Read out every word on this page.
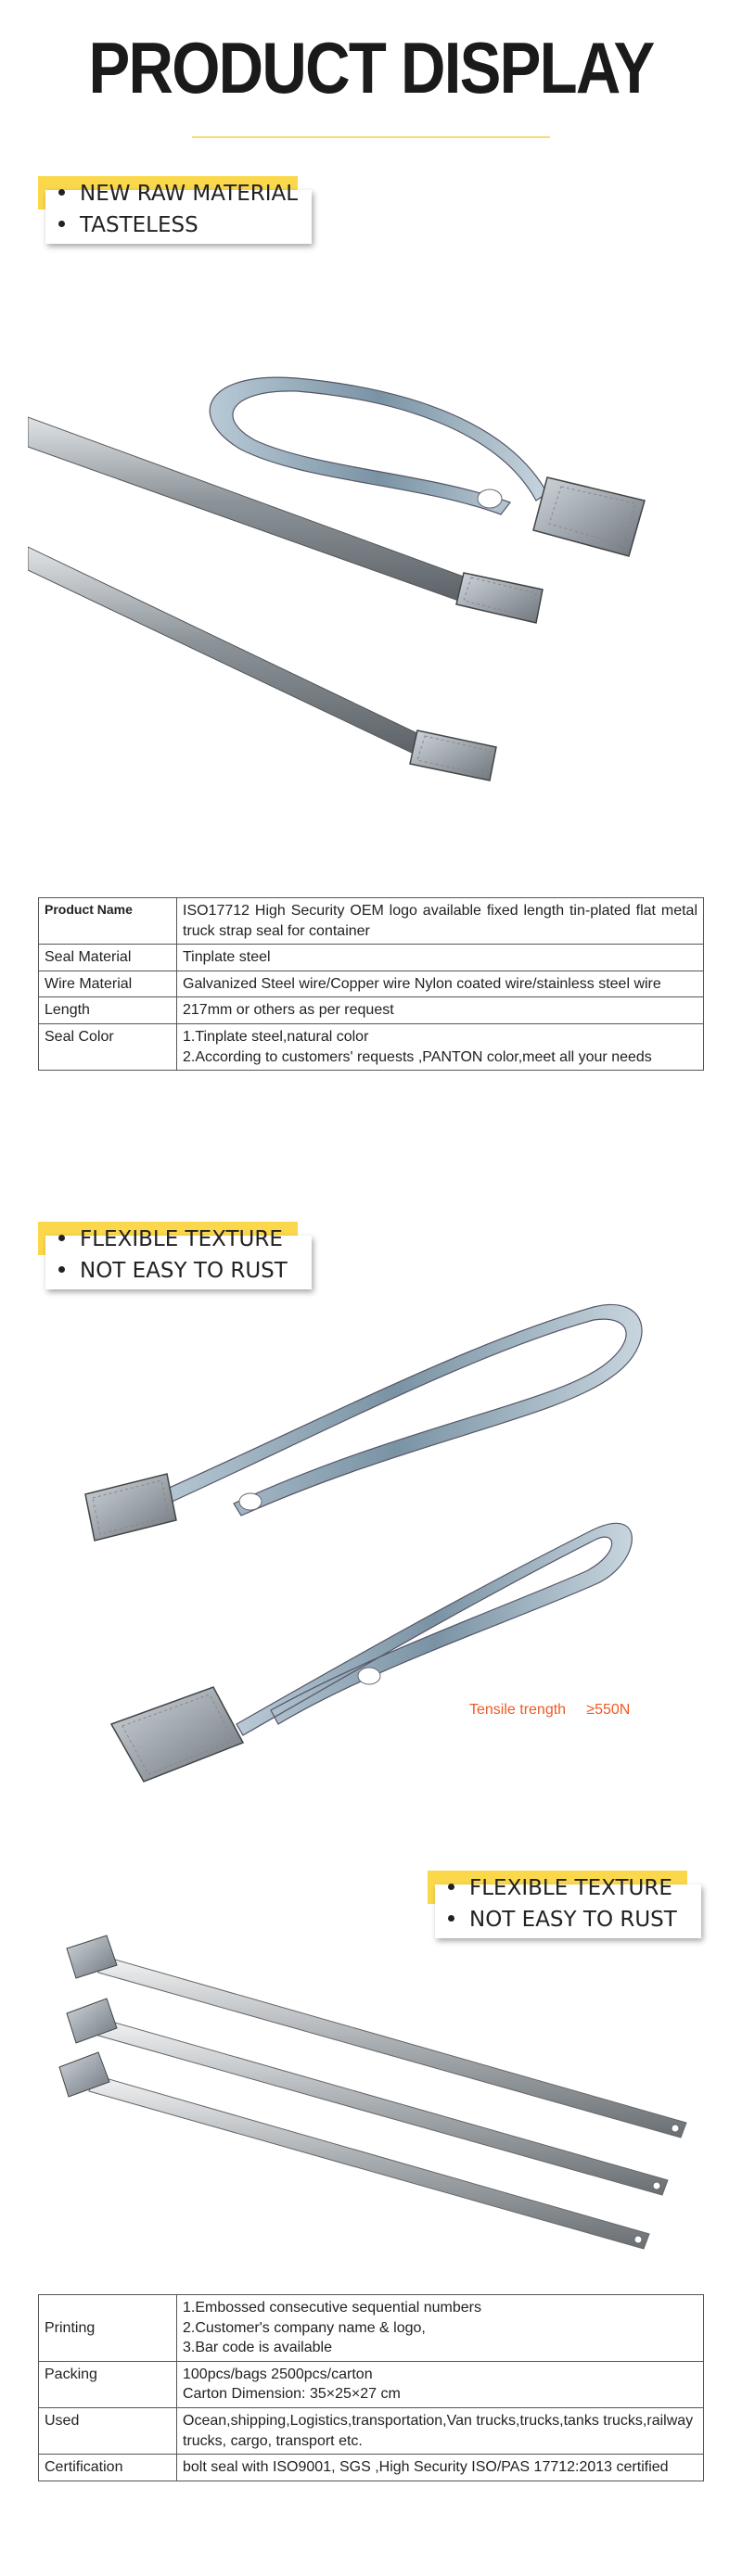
PRODUCT DISPLAY
NEW RAW MATERIAL
TASTELESS
Product Name	ISO17712 High Security OEM logo available fixed length tin-plated flat metal truck strap seal for container
Seal Material	Tinplate steel
Wire Material	Galvanized Steel wire/Copper wire Nylon coated wire/stainless steel wire
Length	217mm or others as per request
Seal Color	1.Tinplate steel,natural color
2.According to customers' requests ,PANTON color,meet all your needs
FLEXIBLE TEXTURE
NOT EASY TO RUST
Tensile trength ≥550N
FLEXIBLE TEXTURE
NOT EASY TO RUST
Printing	1.Embossed consecutive sequential numbers
2.Customer's company name & logo,
3.Bar code is available

Packing	100pcs/bags 2500pcs/carton
Carton Dimension: 35×25×27 cm

Used	Ocean,shipping,Logistics,transportation,Van trucks,trucks,tanks trucks,railway trucks, cargo, transport etc.
Certification	bolt seal with ISO9001, SGS ,High Security ISO/PAS 17712:2013 certified
